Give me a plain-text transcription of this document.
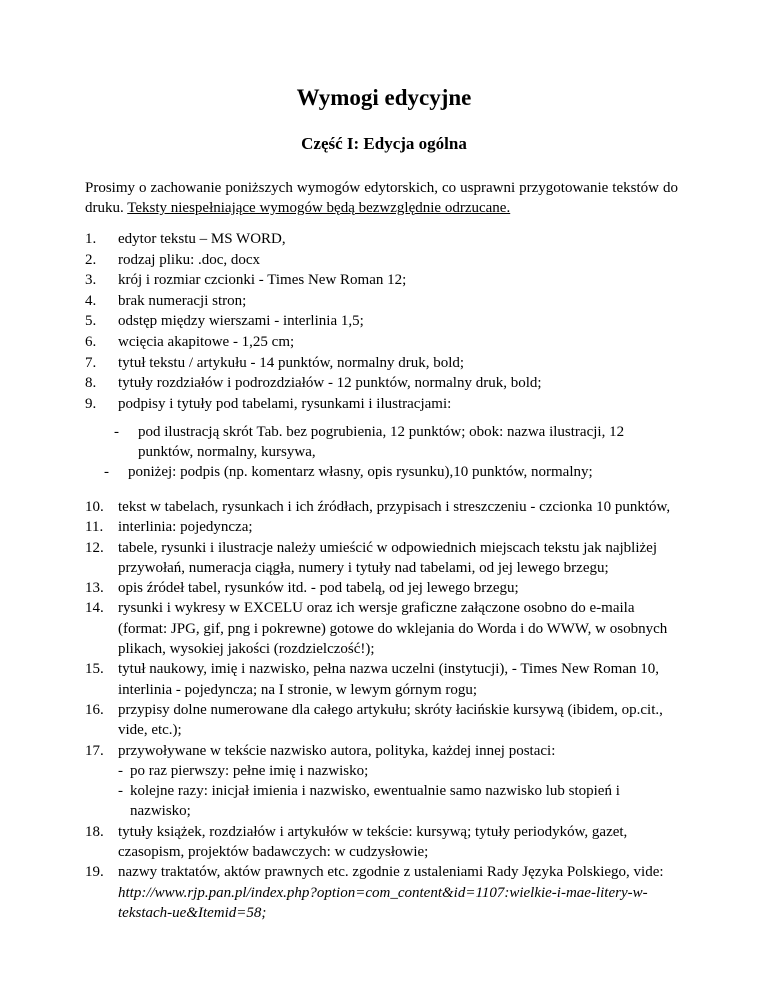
Wymogi edycyjne
Część I: Edycja ogólna

Prosimy o zachowanie poniższych wymogów edytorskich, co usprawni przygotowanie tekstów do druku. Teksty niespełniające wymogów będą bezwzględnie odrzucane.

1. edytor tekstu – MS WORD,
2. rodzaj pliku: .doc, docx
3. krój i rozmiar czcionki - Times New Roman 12;
4. brak numeracji stron;
5. odstęp między wierszami - interlinia 1,5;
6. wcięcia akapitowe - 1,25 cm;
7. tytuł tekstu / artykułu - 14 punktów, normalny druk, bold;
8. tytuły rozdziałów i podrozdziałów - 12 punktów, normalny druk, bold;
9. podpisy i tytuły pod tabelami, rysunkami i ilustracjami:
- pod ilustracją skrót Tab. bez pogrubienia, 12 punktów; obok: nazwa ilustracji, 12 punktów, normalny, kursywa,
- poniżej: podpis (np. komentarz własny, opis rysunku),10 punktów, normalny;
10. tekst w tabelach, rysunkach i ich źródłach, przypisach i streszczeniu - czcionka 10 punktów,
11. interlinia: pojedyncza;
12. tabele, rysunki i ilustracje należy umieścić w odpowiednich miejscach tekstu jak najbliżej przywołań, numeracja ciągła, numery i tytuły nad tabelami, od jej lewego brzegu;
13. opis źródeł tabel, rysunków itd. - pod tabelą, od jej lewego brzegu;
14. rysunki i wykresy w EXCELU oraz ich wersje graficzne załączone osobno do e-maila (format: JPG, gif, png i pokrewne) gotowe do wklejania do Worda i do WWW, w osobnych plikach, wysokiej jakości (rozdzielczość!);
15. tytuł naukowy, imię i nazwisko, pełna nazwa uczelni (instytucji), - Times New Roman 10, interlinia - pojedyncza; na I stronie, w lewym górnym rogu;
16. przypisy dolne numerowane dla całego artykułu; skróty łacińskie kursywą (ibidem, op.cit., vide, etc.);
17. przywoływane w tekście nazwisko autora, polityka, każdej innej postaci:
- po raz pierwszy: pełne imię i nazwisko;
- kolejne razy: inicjał imienia i nazwisko, ewentualnie samo nazwisko lub stopień i nazwisko;
18. tytuły książek, rozdziałów i artykułów w tekście: kursywą; tytuły periodyków, gazet, czasopism, projektów badawczych: w cudzysłowie;
19. nazwy traktatów, aktów prawnych etc. zgodnie z ustaleniami Rady Języka Polskiego, vide: http://www.rjp.pan.pl/index.php?option=com_content&id=1107:wielkie-i-mae-litery-w-tekstach-ue&Itemid=58;
